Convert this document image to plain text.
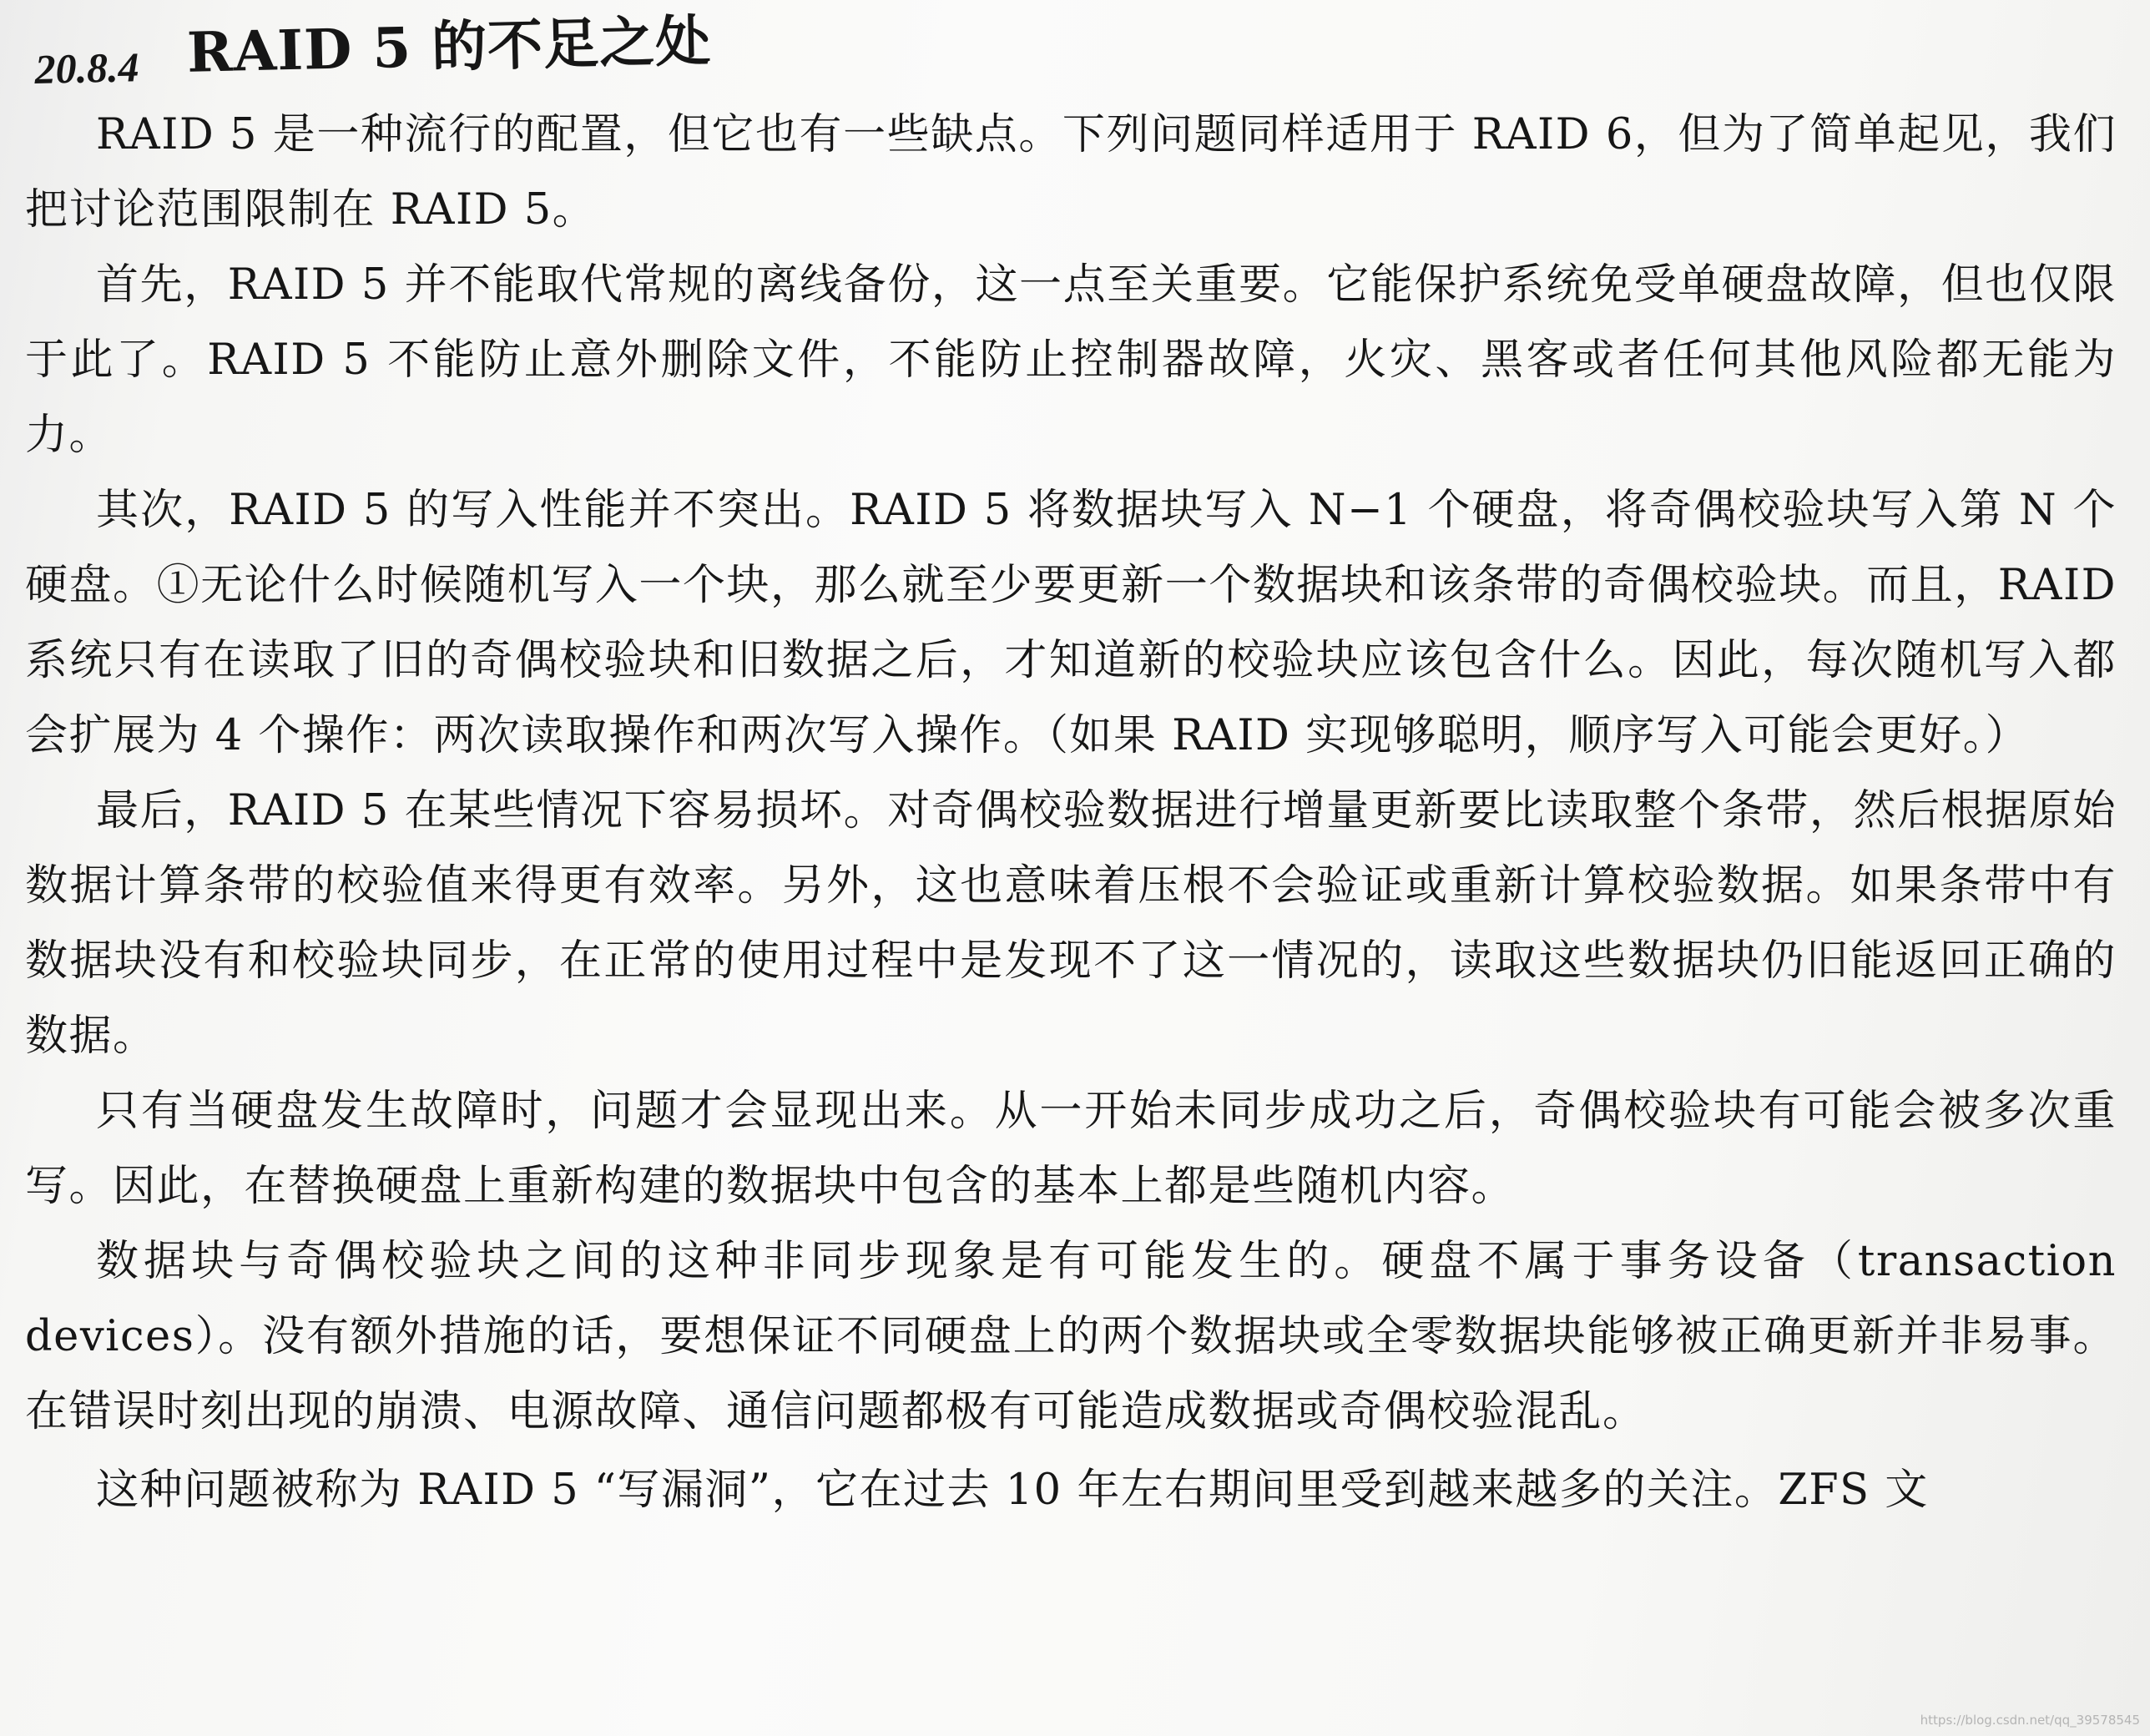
20.8.4 RAID 5 的不足之处

RAID 5 是一种流行的配置，但它也有一些缺点。下列问题同样适用于 RAID 6，但为了简单起见，我们把讨论范围限制在 RAID 5。

首先，RAID 5 并不能取代常规的离线备份，这一点至关重要。它能保护系统免受单硬盘故障，但也仅限于此了。RAID 5 不能防止意外删除文件，不能防止控制器故障，火灾、黑客或者任何其他风险都无能为力。

其次，RAID 5 的写入性能并不突出。RAID 5 将数据块写入 N−1 个硬盘，将奇偶校验块写入第 N 个硬盘。①无论什么时候随机写入一个块，那么就至少要更新一个数据块和该条带的奇偶校验块。而且，RAID 系统只有在读取了旧的奇偶校验块和旧数据之后，才知道新的校验块应该包含什么。因此，每次随机写入都会扩展为 4 个操作：两次读取操作和两次写入操作。（如果 RAID 实现够聪明，顺序写入可能会更好。）

最后，RAID 5 在某些情况下容易损坏。对奇偶校验数据进行增量更新要比读取整个条带，然后根据原始数据计算条带的校验值来得更有效率。另外，这也意味着压根不会验证或重新计算校验数据。如果条带中有数据块没有和校验块同步，在正常的使用过程中是发现不了这一情况的，读取这些数据块仍旧能返回正确的数据。

只有当硬盘发生故障时，问题才会显现出来。从一开始未同步成功之后，奇偶校验块有可能会被多次重写。因此，在替换硬盘上重新构建的数据块中包含的基本上都是些随机内容。

数据块与奇偶校验块之间的这种非同步现象是有可能发生的。硬盘不属于事务设备（transaction devices）。没有额外措施的话，要想保证不同硬盘上的两个数据块或全零数据块能够被正确更新并非易事。在错误时刻出现的崩溃、电源故障、通信问题都极有可能造成数据或奇偶校验混乱。

这种问题被称为 RAID 5 “写漏洞”，它在过去 10 年左右期间里受到越来越多的关注。ZFS 文

https://blog.csdn.net/qq_39578545
